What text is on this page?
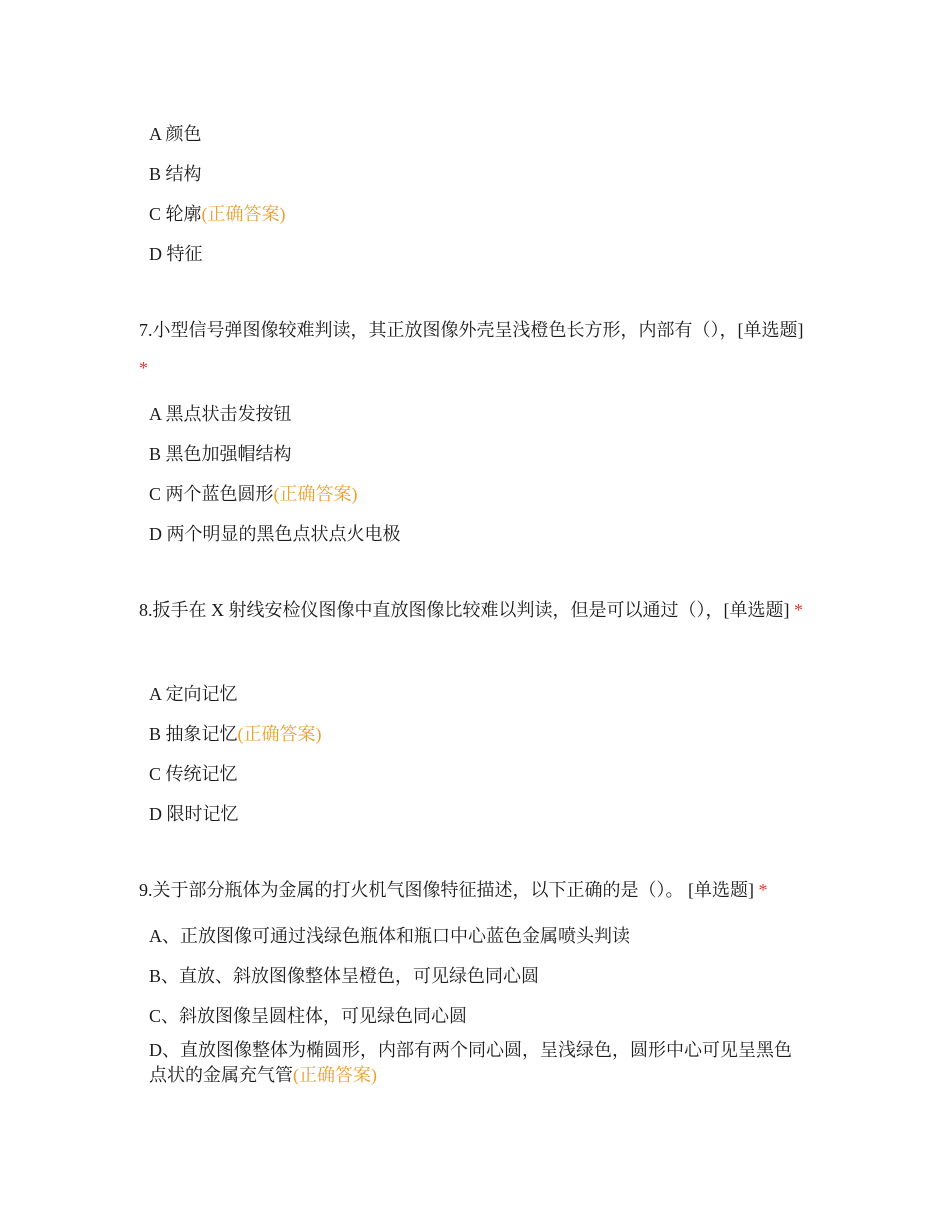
A 颜色
B 结构
C 轮廓(正确答案)
D 特征
7.小型信号弹图像较难判读，其正放图像外壳呈浅橙色长方形，内部有（），[单选题] *
A 黑点状击发按钮
B 黑色加强帽结构
C 两个蓝色圆形(正确答案)
D 两个明显的黑色点状点火电极
8.扳手在 X 射线安检仪图像中直放图像比较难以判读，但是可以通过（），[单选题] *
A 定向记忆
B 抽象记忆(正确答案)
C 传统记忆
D 限时记忆
9.关于部分瓶体为金属的打火机气图像特征描述，以下正确的是（）。 [单选题] *
A、正放图像可通过浅绿色瓶体和瓶口中心蓝色金属喷头判读
B、直放、斜放图像整体呈橙色，可见绿色同心圆
C、斜放图像呈圆柱体，可见绿色同心圆
D、直放图像整体为椭圆形，内部有两个同心圆，呈浅绿色，圆形中心可见呈黑色点状的金属充气管(正确答案)
